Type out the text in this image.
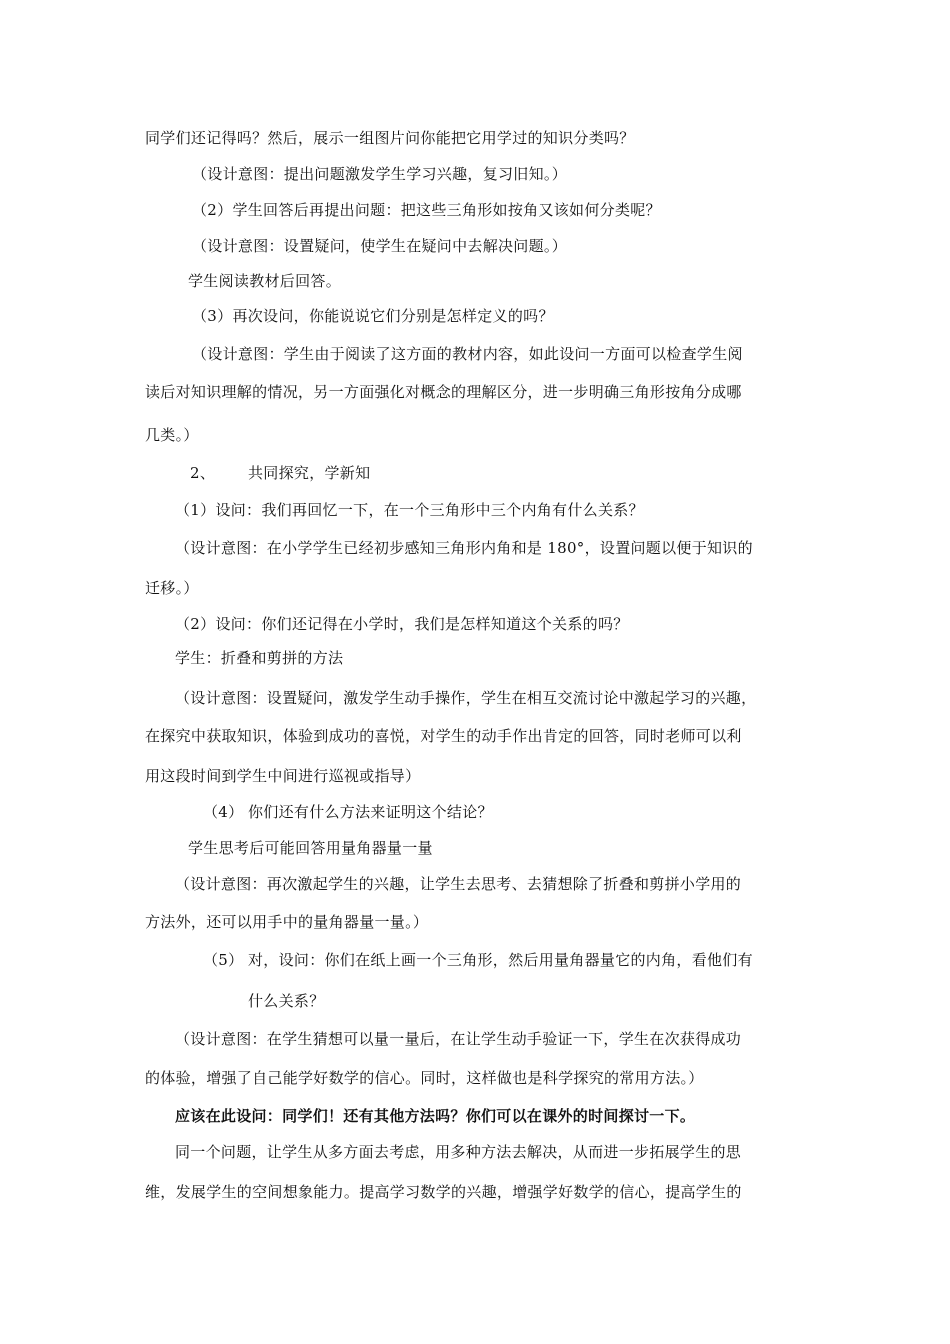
同学们还记得吗？然后，展示一组图片问你能把它用学过的知识分类吗？
（设计意图：提出问题激发学生学习兴趣，复习旧知。）
（2）学生回答后再提出问题：把这些三角形如按角又该如何分类呢？
（设计意图：设置疑问，使学生在疑问中去解决问题。）
学生阅读教材后回答。
（3）再次设问，你能说说它们分别是怎样定义的吗？
（设计意图：学生由于阅读了这方面的教材内容，如此设问一方面可以检查学生阅
读后对知识理解的情况，另一方面强化对概念的理解区分，进一步明确三角形按角分成哪
几类。）
2、 共同探究，学新知
（1）设问：我们再回忆一下，在一个三角形中三个内角有什么关系？
（设计意图：在小学学生已经初步感知三角形内角和是 180°，设置问题以便于知识的
迁移。）
（2）设问：你们还记得在小学时，我们是怎样知道这个关系的吗？
学生：折叠和剪拼的方法
（设计意图：设置疑问，激发学生动手操作，学生在相互交流讨论中激起学习的兴趣，
在探究中获取知识，体验到成功的喜悦，对学生的动手作出肯定的回答，同时老师可以利
用这段时间到学生中间进行巡视或指导）
（4） 你们还有什么方法来证明这个结论？
学生思考后可能回答用量角器量一量
（设计意图：再次激起学生的兴趣，让学生去思考、去猜想除了折叠和剪拼小学用的
方法外，还可以用手中的量角器量一量。）
（5） 对，设问：你们在纸上画一个三角形，然后用量角器量它的内角，看他们有
什么关系？
（设计意图：在学生猜想可以量一量后，在让学生动手验证一下，学生在次获得成功
的体验，增强了自己能学好数学的信心。同时，这样做也是科学探究的常用方法。）
应该在此设问：同学们！还有其他方法吗？你们可以在课外的时间探讨一下。
同一个问题，让学生从多方面去考虑，用多种方法去解决，从而进一步拓展学生的思
维，发展学生的空间想象能力。提高学习数学的兴趣，增强学好数学的信心，提高学生的
